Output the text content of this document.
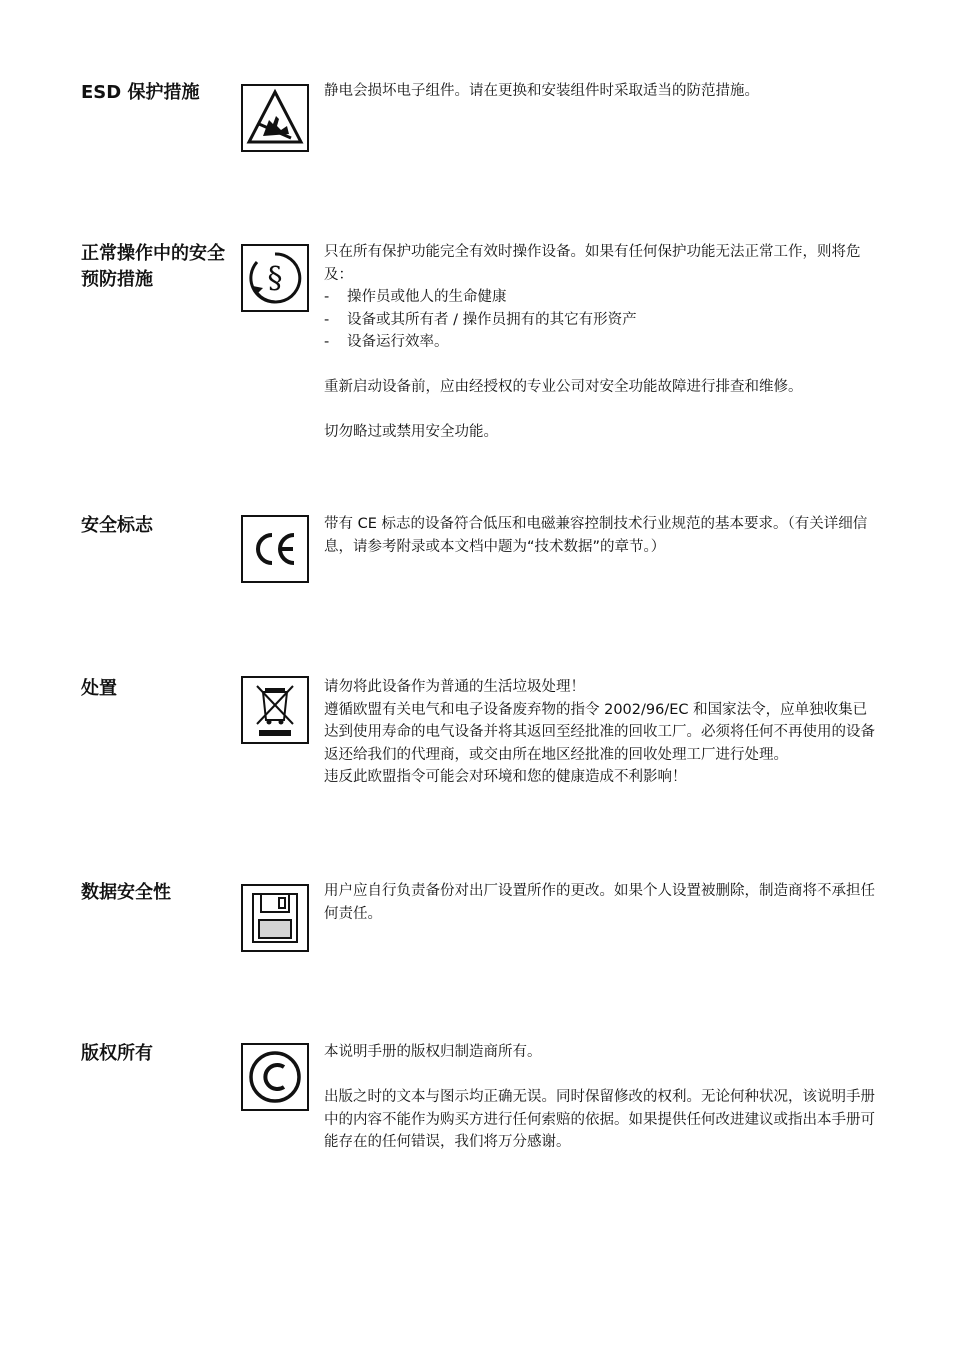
ESD 保护措施	静电会损坏电子组件。请在更换和安装组件时采取适当的防范措施。

正常操作中的安全预防措施	§

只在所有保护功能完全有效时操作设备。如果有任何保护功能无法正常工作，则将危及：

-	操作员或他人的生命健康
-	设备或其所有者 / 操作员拥有的其它有形资产
-	设备运行效率。

重新启动设备前，应由经授权的专业公司对安全功能故障进行排查和维修。

切勿略过或禁用安全功能。

安全标志	带有 CE 标志的设备符合低压和电磁兼容控制技术行业规范的基本要求。（有关详细信息，请参考附录或本文档中题为“技术数据”的章节。）

处置	请勿将此设备作为普通的生活垃圾处理！

遵循欧盟有关电气和电子设备废弃物的指令 2002/96/EC 和国家法令，应单独收集已达到使用寿命的电气设备并将其返回至经批准的回收工厂。必须将任何不再使用的设备返还给我们的代理商，或交由所在地区经批准的回收处理工厂进行处理。

违反此欧盟指令可能会对环境和您的健康造成不利影响！

数据安全性	用户应自行负责备份对出厂设置所作的更改。如果个人设置被删除，制造商将不承担任何责任。

版权所有	本说明手册的版权归制造商所有。

出版之时的文本与图示均正确无误。同时保留修改的权利。无论何种状况，该说明手册中的内容不能作为购买方进行任何索赔的依据。如果提供任何改进建议或指出本手册可能存在的任何错误，我们将万分感谢。
